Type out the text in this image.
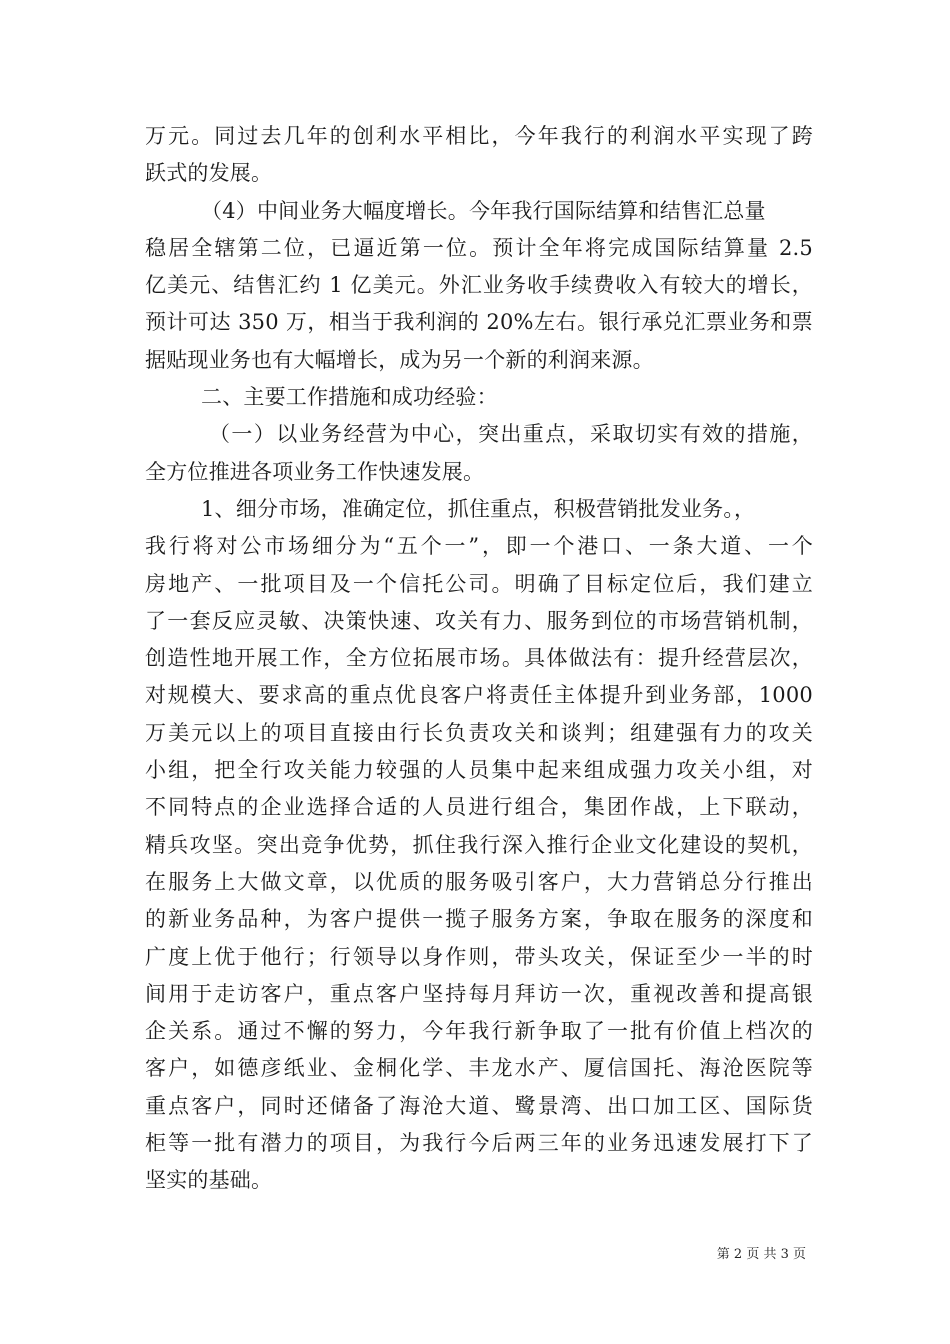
万元。同过去几年的创利水平相比，今年我行的利润水平实现了跨
跃式的发展。
（4）中间业务大幅度增长。今年我行国际结算和结售汇总量
稳居全辖第二位，已逼近第一位。预计全年将完成国际结算量 2.5
亿美元、结售汇约 1 亿美元。外汇业务收手续费收入有较大的增长，
预计可达 350 万，相当于我利润的 20%左右。银行承兑汇票业务和票
据贴现业务也有大幅增长，成为另一个新的利润来源。
二、主要工作措施和成功经验：
（一）以业务经营为中心，突出重点，采取切实有效的措施，
全方位推进各项业务工作快速发展。
1、细分市场，准确定位，抓住重点，积极营销批发业务。，
我行将对公市场细分为“五个一”，即一个港口、一条大道、一个
房地产、一批项目及一个信托公司。明确了目标定位后，我们建立
了一套反应灵敏、决策快速、攻关有力、服务到位的市场营销机制，
创造性地开展工作，全方位拓展市场。具体做法有：提升经营层次，
对规模大、要求高的重点优良客户将责任主体提升到业务部，1000
万美元以上的项目直接由行长负责攻关和谈判；组建强有力的攻关
小组，把全行攻关能力较强的人员集中起来组成强力攻关小组，对
不同特点的企业选择合适的人员进行组合，集团作战，上下联动，
精兵攻坚。突出竞争优势，抓住我行深入推行企业文化建设的契机，
在服务上大做文章，以优质的服务吸引客户，大力营销总分行推出
的新业务品种，为客户提供一揽子服务方案，争取在服务的深度和
广度上优于他行；行领导以身作则，带头攻关，保证至少一半的时
间用于走访客户，重点客户坚持每月拜访一次，重视改善和提高银
企关系。通过不懈的努力，今年我行新争取了一批有价值上档次的
客户，如德彦纸业、金桐化学、丰龙水产、厦信国托、海沧医院等
重点客户，同时还储备了海沧大道、鹭景湾、出口加工区、国际货
柜等一批有潜力的项目，为我行今后两三年的业务迅速发展打下了
坚实的基础。
第 2 页 共 3 页
